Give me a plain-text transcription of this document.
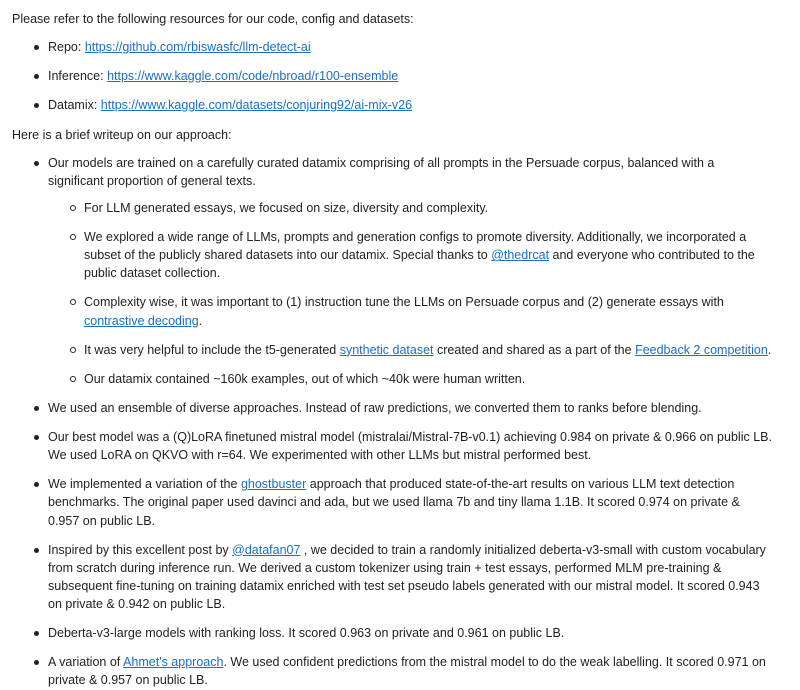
Please refer to the following resources for our code, config and datasets:

Repo: https://github.com/rbiswasfc/llm-detect-ai
Inference: https://www.kaggle.com/code/nbroad/r100-ensemble
Datamix: https://www.kaggle.com/datasets/conjuring92/ai-mix-v26

Here is a brief writeup on our approach:

Our models are trained on a carefully curated datamix comprising of all prompts in the Persuade corpus, balanced with a significant proportion of general texts.
For LLM generated essays, we focused on size, diversity and complexity.
We explored a wide range of LLMs, prompts and generation configs to promote diversity. Additionally, we incorporated a subset of the publicly shared datasets into our datamix. Special thanks to @thedrcat and everyone who contributed to the public dataset collection.
Complexity wise, it was important to (1) instruction tune the LLMs on Persuade corpus and (2) generate essays with contrastive decoding.
It was very helpful to include the t5-generated synthetic dataset created and shared as a part of the Feedback 2 competition.
Our datamix contained ~160k examples, out of which ~40k were human written.
We used an ensemble of diverse approaches. Instead of raw predictions, we converted them to ranks before blending.
Our best model was a (Q)LoRA finetuned mistral model (mistralai/Mistral-7B-v0.1) achieving 0.984 on private & 0.966 on public LB. We used LoRA on QKVO with r=64. We experimented with other LLMs but mistral performed best.
We implemented a variation of the ghostbuster approach that produced state-of-the-art results on various LLM text detection benchmarks. The original paper used davinci and ada, but we used llama 7b and tiny llama 1.1B. It scored 0.974 on private & 0.957 on public LB.
Inspired by this excellent post by @datafan07 , we decided to train a randomly initialized deberta-v3-small with custom vocabulary from scratch during inference run. We derived a custom tokenizer using train + test essays, performed MLM pre-training & subsequent fine-tuning on training datamix enriched with test set pseudo labels generated with our mistral model. It scored 0.943 on private & 0.942 on public LB.
Deberta-v3-large models with ranking loss. It scored 0.963 on private and 0.961 on public LB.
A variation of Ahmet's approach. We used confident predictions from the mistral model to do the weak labelling. It scored 0.971 on private & 0.957 on public LB.
